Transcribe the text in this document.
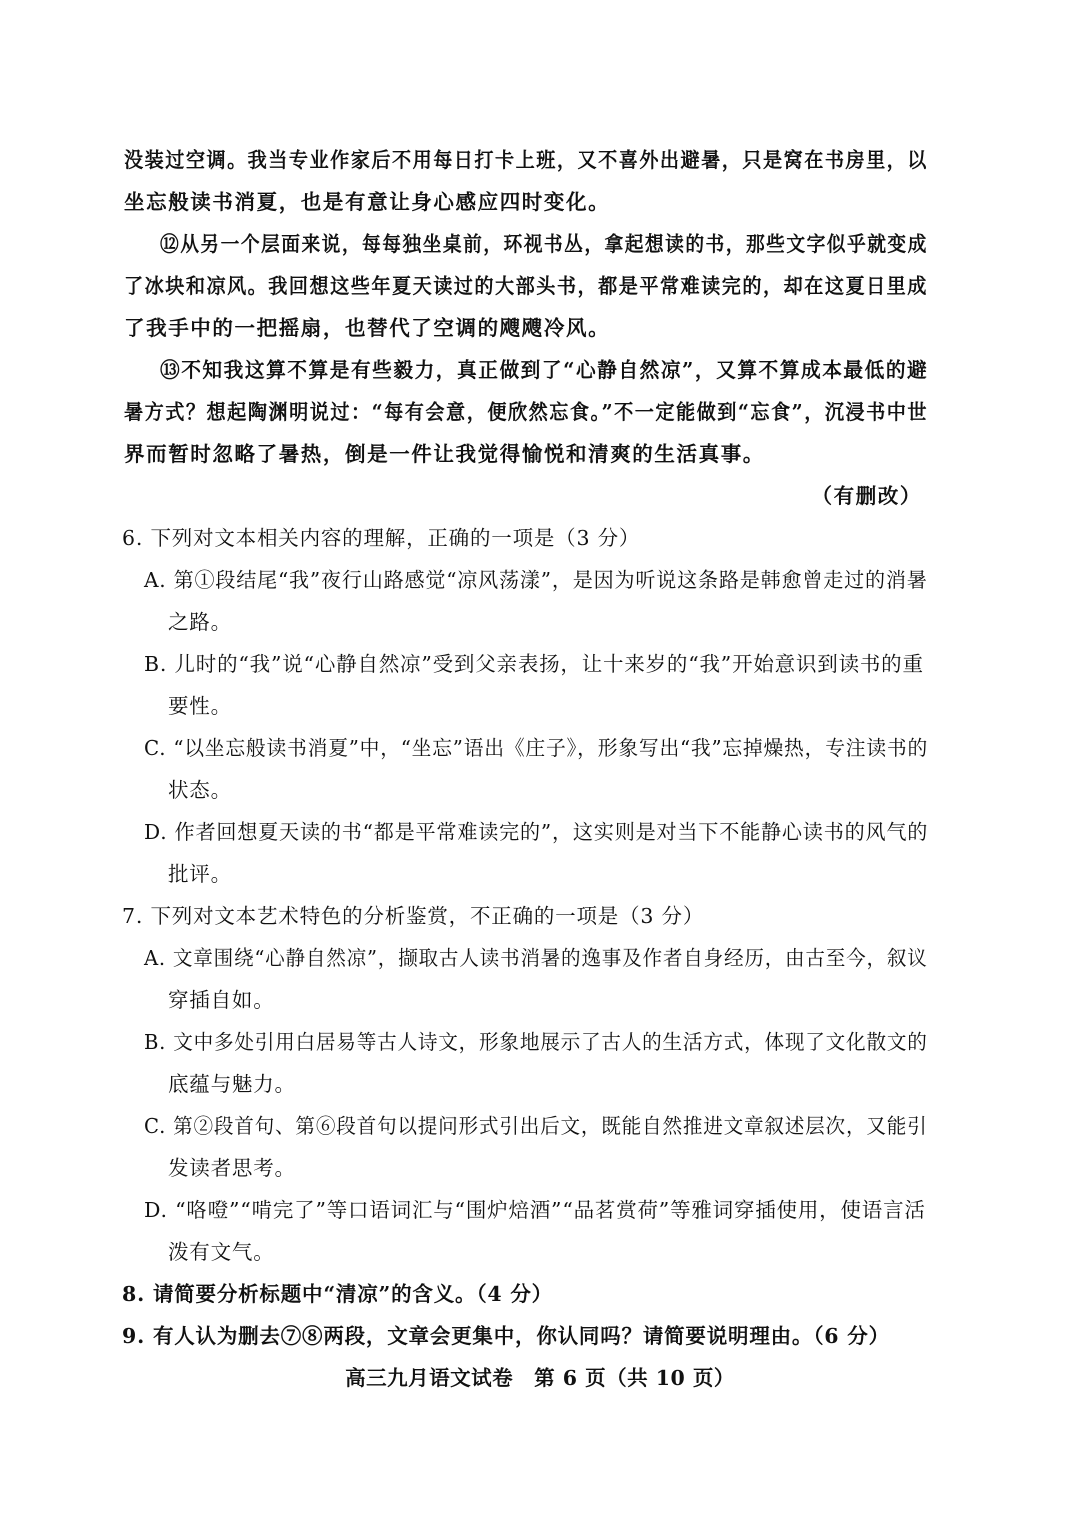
没装过空调。我当专业作家后不用每日打卡上班，又不喜外出避暑，只是窝在书房里，以
坐忘般读书消夏，也是有意让身心感应四时变化。
⑫从另一个层面来说，每每独坐桌前，环视书丛，拿起想读的书，那些文字似乎就变成
了冰块和凉风。我回想这些年夏天读过的大部头书，都是平常难读完的，却在这夏日里成
了我手中的一把摇扇，也替代了空调的飕飕冷风。
⑬不知我这算不算是有些毅力，真正做到了“心静自然凉”，又算不算成本最低的避
暑方式？想起陶渊明说过：“每有会意，便欣然忘食。”不一定能做到“忘食”，沉浸书中世
界而暂时忽略了暑热，倒是一件让我觉得愉悦和清爽的生活真事。
（有删改）
6. 下列对文本相关内容的理解，正确的一项是（3 分）
A. 第①段结尾“我”夜行山路感觉“凉风荡漾”，是因为听说这条路是韩愈曾走过的消暑
之路。
B. 儿时的“我”说“心静自然凉”受到父亲表扬，让十来岁的“我”开始意识到读书的重
要性。
C. “以坐忘般读书消夏”中，“坐忘”语出《庄子》，形象写出“我”忘掉燥热，专注读书的
状态。
D. 作者回想夏天读的书“都是平常难读完的”，这实则是对当下不能静心读书的风气的
批评。
7. 下列对文本艺术特色的分析鉴赏，不正确的一项是（3 分）
A. 文章围绕“心静自然凉”，撷取古人读书消暑的逸事及作者自身经历，由古至今，叙议
穿插自如。
B. 文中多处引用白居易等古人诗文，形象地展示了古人的生活方式，体现了文化散文的
底蕴与魅力。
C. 第②段首句、第⑥段首句以提问形式引出后文，既能自然推进文章叙述层次，又能引
发读者思考。
D. “咯噔”“啃完了”等口语词汇与“围炉焙酒”“品茗赏荷”等雅词穿插使用，使语言活
泼有文气。
8. 请简要分析标题中“清凉”的含义。（4 分）
9. 有人认为删去⑦⑧两段，文章会更集中，你认同吗？请简要说明理由。（6 分）
高三九月语文试卷　第 6 页（共 10 页）
